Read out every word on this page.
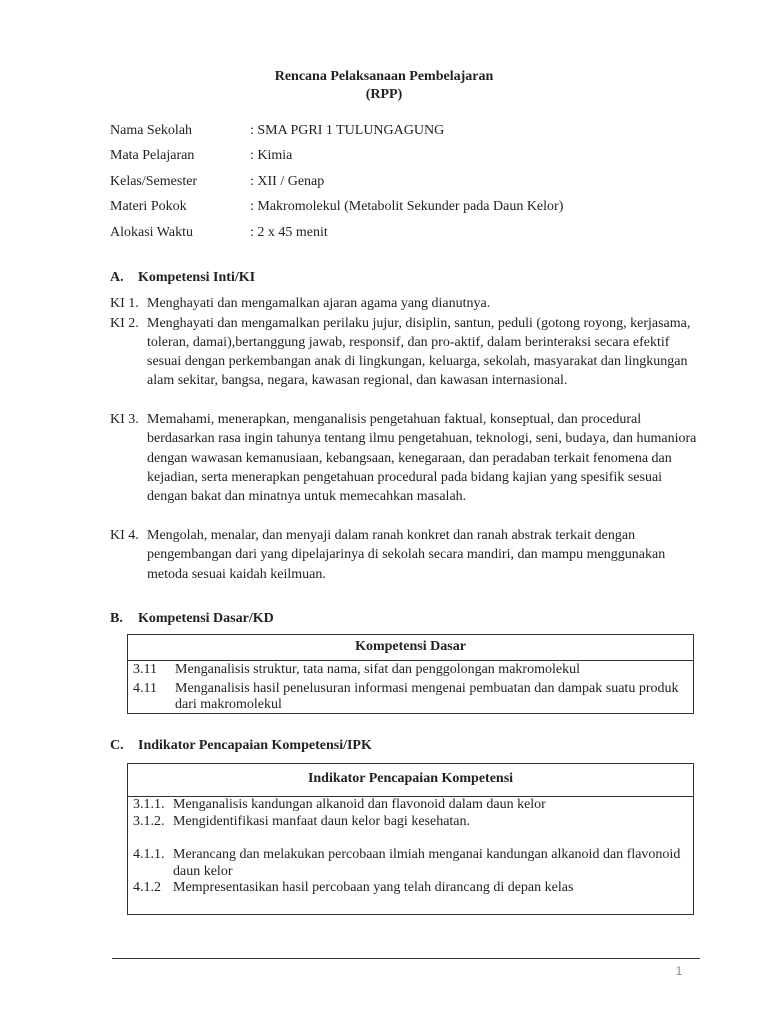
Rencana Pelaksanaan Pembelajaran
(RPP)
Nama Sekolah	: SMA PGRI 1 TULUNGAGUNG
Mata Pelajaran	: Kimia
Kelas/Semester	: XII / Genap
Materi Pokok	: Makromolekul (Metabolit Sekunder pada Daun Kelor)
Alokasi Waktu	: 2 x 45 menit
A. Kompetensi Inti/KI
KI 1. Menghayati dan mengamalkan ajaran agama yang dianutnya.
KI 2. Menghayati dan mengamalkan perilaku jujur, disiplin, santun, peduli (gotong royong, kerjasama, toleran, damai),bertanggung jawab, responsif, dan pro-aktif, dalam berinteraksi secara efektif sesuai dengan perkembangan anak di lingkungan, keluarga, sekolah, masyarakat dan lingkungan alam sekitar, bangsa, negara, kawasan regional, dan kawasan internasional.
KI 3. Memahami, menerapkan, menganalisis pengetahuan faktual, konseptual, dan procedural berdasarkan rasa ingin tahunya tentang ilmu pengetahuan, teknologi, seni, budaya, dan humaniora dengan wawasan kemanusiaan, kebangsaan, kenegaraan, dan peradaban terkait fenomena dan kejadian, serta menerapkan pengetahuan procedural pada bidang kajian yang spesifik sesuai dengan bakat dan minatnya untuk memecahkan masalah.
KI 4. Mengolah, menalar, dan menyaji dalam ranah konkret dan ranah abstrak terkait dengan pengembangan dari yang dipelajarinya di sekolah secara mandiri, dan mampu menggunakan metoda sesuai kaidah keilmuan.
B. Kompetensi Dasar/KD
Kompetensi Dasar
3.11	Menganalisis struktur, tata nama, sifat dan penggolongan makromolekul
4.11	Menganalisis hasil penelusuran informasi mengenai pembuatan dan dampak suatu produk dari makromolekul
C. Indikator Pencapaian Kompetensi/IPK
Indikator Pencapaian Kompetensi
3.1.1. Menganalisis kandungan alkanoid dan flavonoid dalam daun kelor
3.1.2. Mengidentifikasi manfaat daun kelor bagi kesehatan.
4.1.1. Merancang dan melakukan percobaan ilmiah menganai kandungan alkanoid dan flavonoid daun kelor
4.1.2 Mempresentasikan hasil percobaan yang telah dirancang di depan kelas
1
